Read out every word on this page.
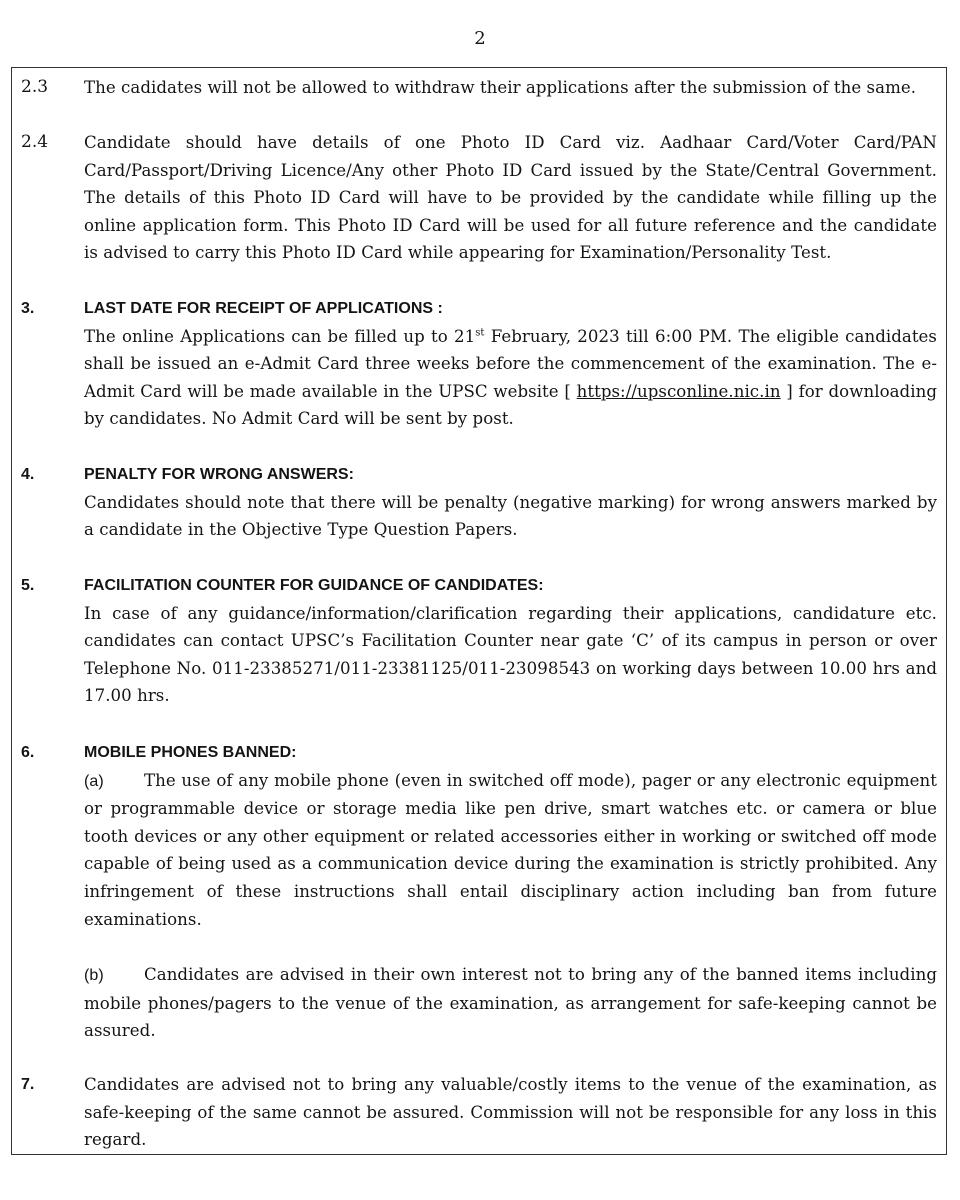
2
2.3 The cadidates will not be allowed to withdraw their applications after the submission of the same.
2.4 Candidate should have details of one Photo ID Card viz. Aadhaar Card/Voter Card/PAN Card/Passport/Driving Licence/Any other Photo ID Card issued by the State/Central Government. The details of this Photo ID Card will have to be provided by the candidate while filling up the online application form. This Photo ID Card will be used for all future reference and the candidate is advised to carry this Photo ID Card while appearing for Examination/Personality Test.
3.	LAST DATE FOR RECEIPT OF APPLICATIONS :
The online Applications can be filled up to 21st February, 2023 till 6:00 PM. The eligible candidates shall be issued an e-Admit Card three weeks before the commencement of the examination. The e-Admit Card will be made available in the UPSC website [ https://upsconline.nic.in ] for downloading by candidates. No Admit Card will be sent by post.
4.	PENALTY FOR WRONG ANSWERS:
Candidates should note that there will be penalty (negative marking) for wrong answers marked by a candidate in the Objective Type Question Papers.
5.	FACILITATION COUNTER FOR GUIDANCE OF CANDIDATES:
In case of any guidance/information/clarification regarding their applications, candidature etc. candidates can contact UPSC’s Facilitation Counter near gate ‘C’ of its campus in person or over Telephone No. 011-23385271/011-23381125/011-23098543 on working days between 10.00 hrs and 17.00 hrs.
6.	MOBILE PHONES BANNED:
(a) The use of any mobile phone (even in switched off mode), pager or any electronic equipment or programmable device or storage media like pen drive, smart watches etc. or camera or blue tooth devices or any other equipment or related accessories either in working or switched off mode capable of being used as a communication device during the examination is strictly prohibited. Any infringement of these instructions shall entail disciplinary action including ban from future examinations.
(b) Candidates are advised in their own interest not to bring any of the banned items including mobile phones/pagers to the venue of the examination, as arrangement for safe-keeping cannot be assured.
7.	Candidates are advised not to bring any valuable/costly items to the venue of the examination, as safe-keeping of the same cannot be assured. Commission will not be responsible for any loss in this regard.
